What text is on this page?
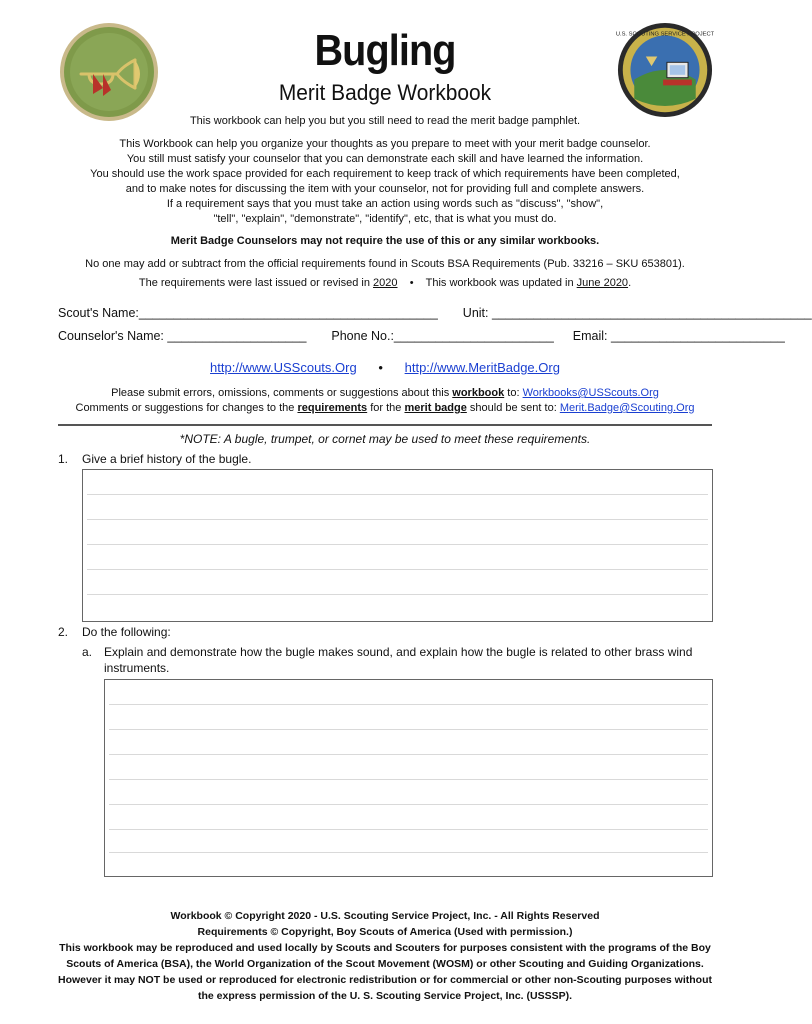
U.S. SCOUTING SERVICE PROJECT
Bugling
Merit Badge Workbook
This workbook can help you but you still need to read the merit badge pamphlet.
This Workbook can help you organize your thoughts as you prepare to meet with your merit badge counselor.
You still must satisfy your counselor that you can demonstrate each skill and have learned the information.
You should use the work space provided for each requirement to keep track of which requirements have been completed,
and to make notes for discussing the item with your counselor, not for providing full and complete answers.
If a requirement says that you must take an action using words such as "discuss", "show",
"tell", "explain", "demonstrate", "identify", etc, that is what you must do.
Merit Badge Counselors may not require the use of this or any similar workbooks.
No one may add or subtract from the official requirements found in Scouts BSA Requirements (Pub. 33216 – SKU 653801).
The requirements were last issued or revised in 2020 • This workbook was updated in June 2020.
Scout's Name:___________________________________________ Unit: ______________________________________________
Counselor's Name: ____________________ Phone No.:_______________________ Email: _________________________
http://www.USScouts.Org • http://www.MeritBadge.Org
Please submit errors, omissions, comments or suggestions about this workbook to: Workbooks@USScouts.Org
Comments or suggestions for changes to the requirements for the merit badge should be sent to: Merit.Badge@Scouting.Org
*NOTE: A bugle, trumpet, or cornet may be used to meet these requirements.
1. Give a brief history of the bugle.
2. Do the following:
a. Explain and demonstrate how the bugle makes sound, and explain how the bugle is related to other brass wind
instruments.
Workbook © Copyright 2020 - U.S. Scouting Service Project, Inc. - All Rights Reserved
Requirements © Copyright, Boy Scouts of America (Used with permission.)
This workbook may be reproduced and used locally by Scouts and Scouters for purposes consistent with the programs of the Boy
Scouts of America (BSA), the World Organization of the Scout Movement (WOSM) or other Scouting and Guiding Organizations.
However it may NOT be used or reproduced for electronic redistribution or for commercial or other non-Scouting purposes without
the express permission of the U. S. Scouting Service Project, Inc. (USSSP).
